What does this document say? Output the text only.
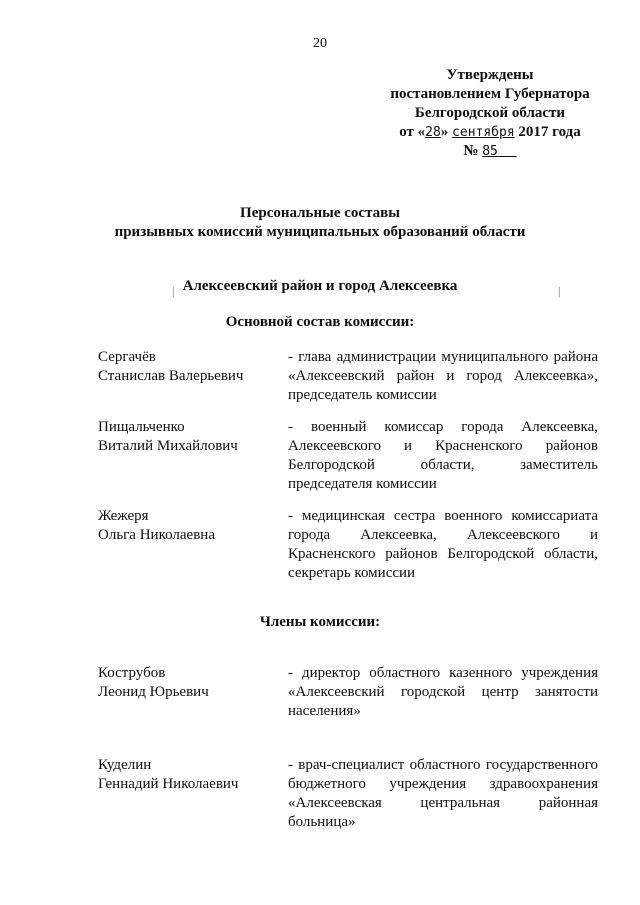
20
Утверждены
постановлением Губернатора
Белгородской области
от «28» сентября 2017 года
№ 85
Персональные составы
призывных комиссий муниципальных образований области
|	|
Алексеевский район и город Алексеевка
Основной состав комиссии:
Сергачёв
Станислав Валерьевич
- глава администрации муниципального района «Алексеевский район и город Алексеевка», председатель комиссии
Пищальченко
Виталий Михайлович
- военный комиссар города Алексеевка, Алексеевского и Красненского районов Белгородской области, заместитель председателя комиссии
Жежеря
Ольга Николаевна
- медицинская сестра военного комиссариата города Алексеевка, Алексеевского и Красненского районов Белгородской области, секретарь комиссии
Члены комиссии:
Кострубов
Леонид Юрьевич
- директор областного казенного учреждения «Алексеевский городской центр занятости населения»
Куделин
Геннадий Николаевич
- врач-специалист областного государственного бюджетного учреждения здравоохранения «Алексеевская центральная районная больница»
